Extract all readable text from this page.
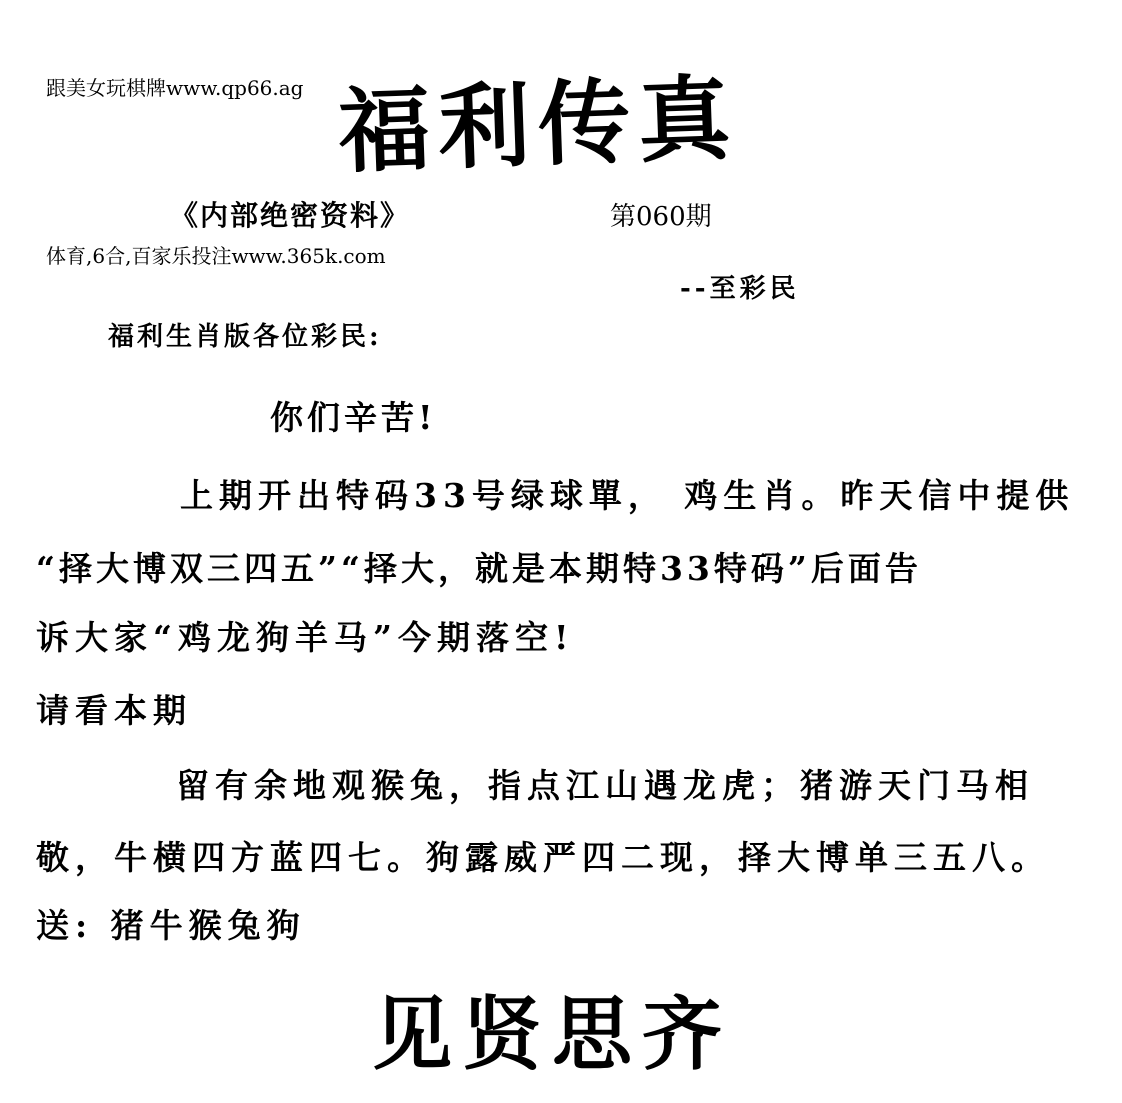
跟美女玩棋牌www.qp66.ag 福利传真
《内部绝密资料》	第060期
体育,6合,百家乐投注www.365k.com
--至彩民
福利生肖版各位彩民:
你们辛苦!
上期开出特码33号绿球單， 鸡生肖。昨天信中提供
“择大博双三四五”“择大，就是本期特33特码”后面告
诉大家“鸡龙狗羊马”今期落空!
请看本期
留有余地观猴兔，指点江山遇龙虎；猪游天门马相
敬，牛横四方蓝四七。狗露威严四二现，择大博单三五八。
送: 猪牛猴兔狗
见贤思齐
